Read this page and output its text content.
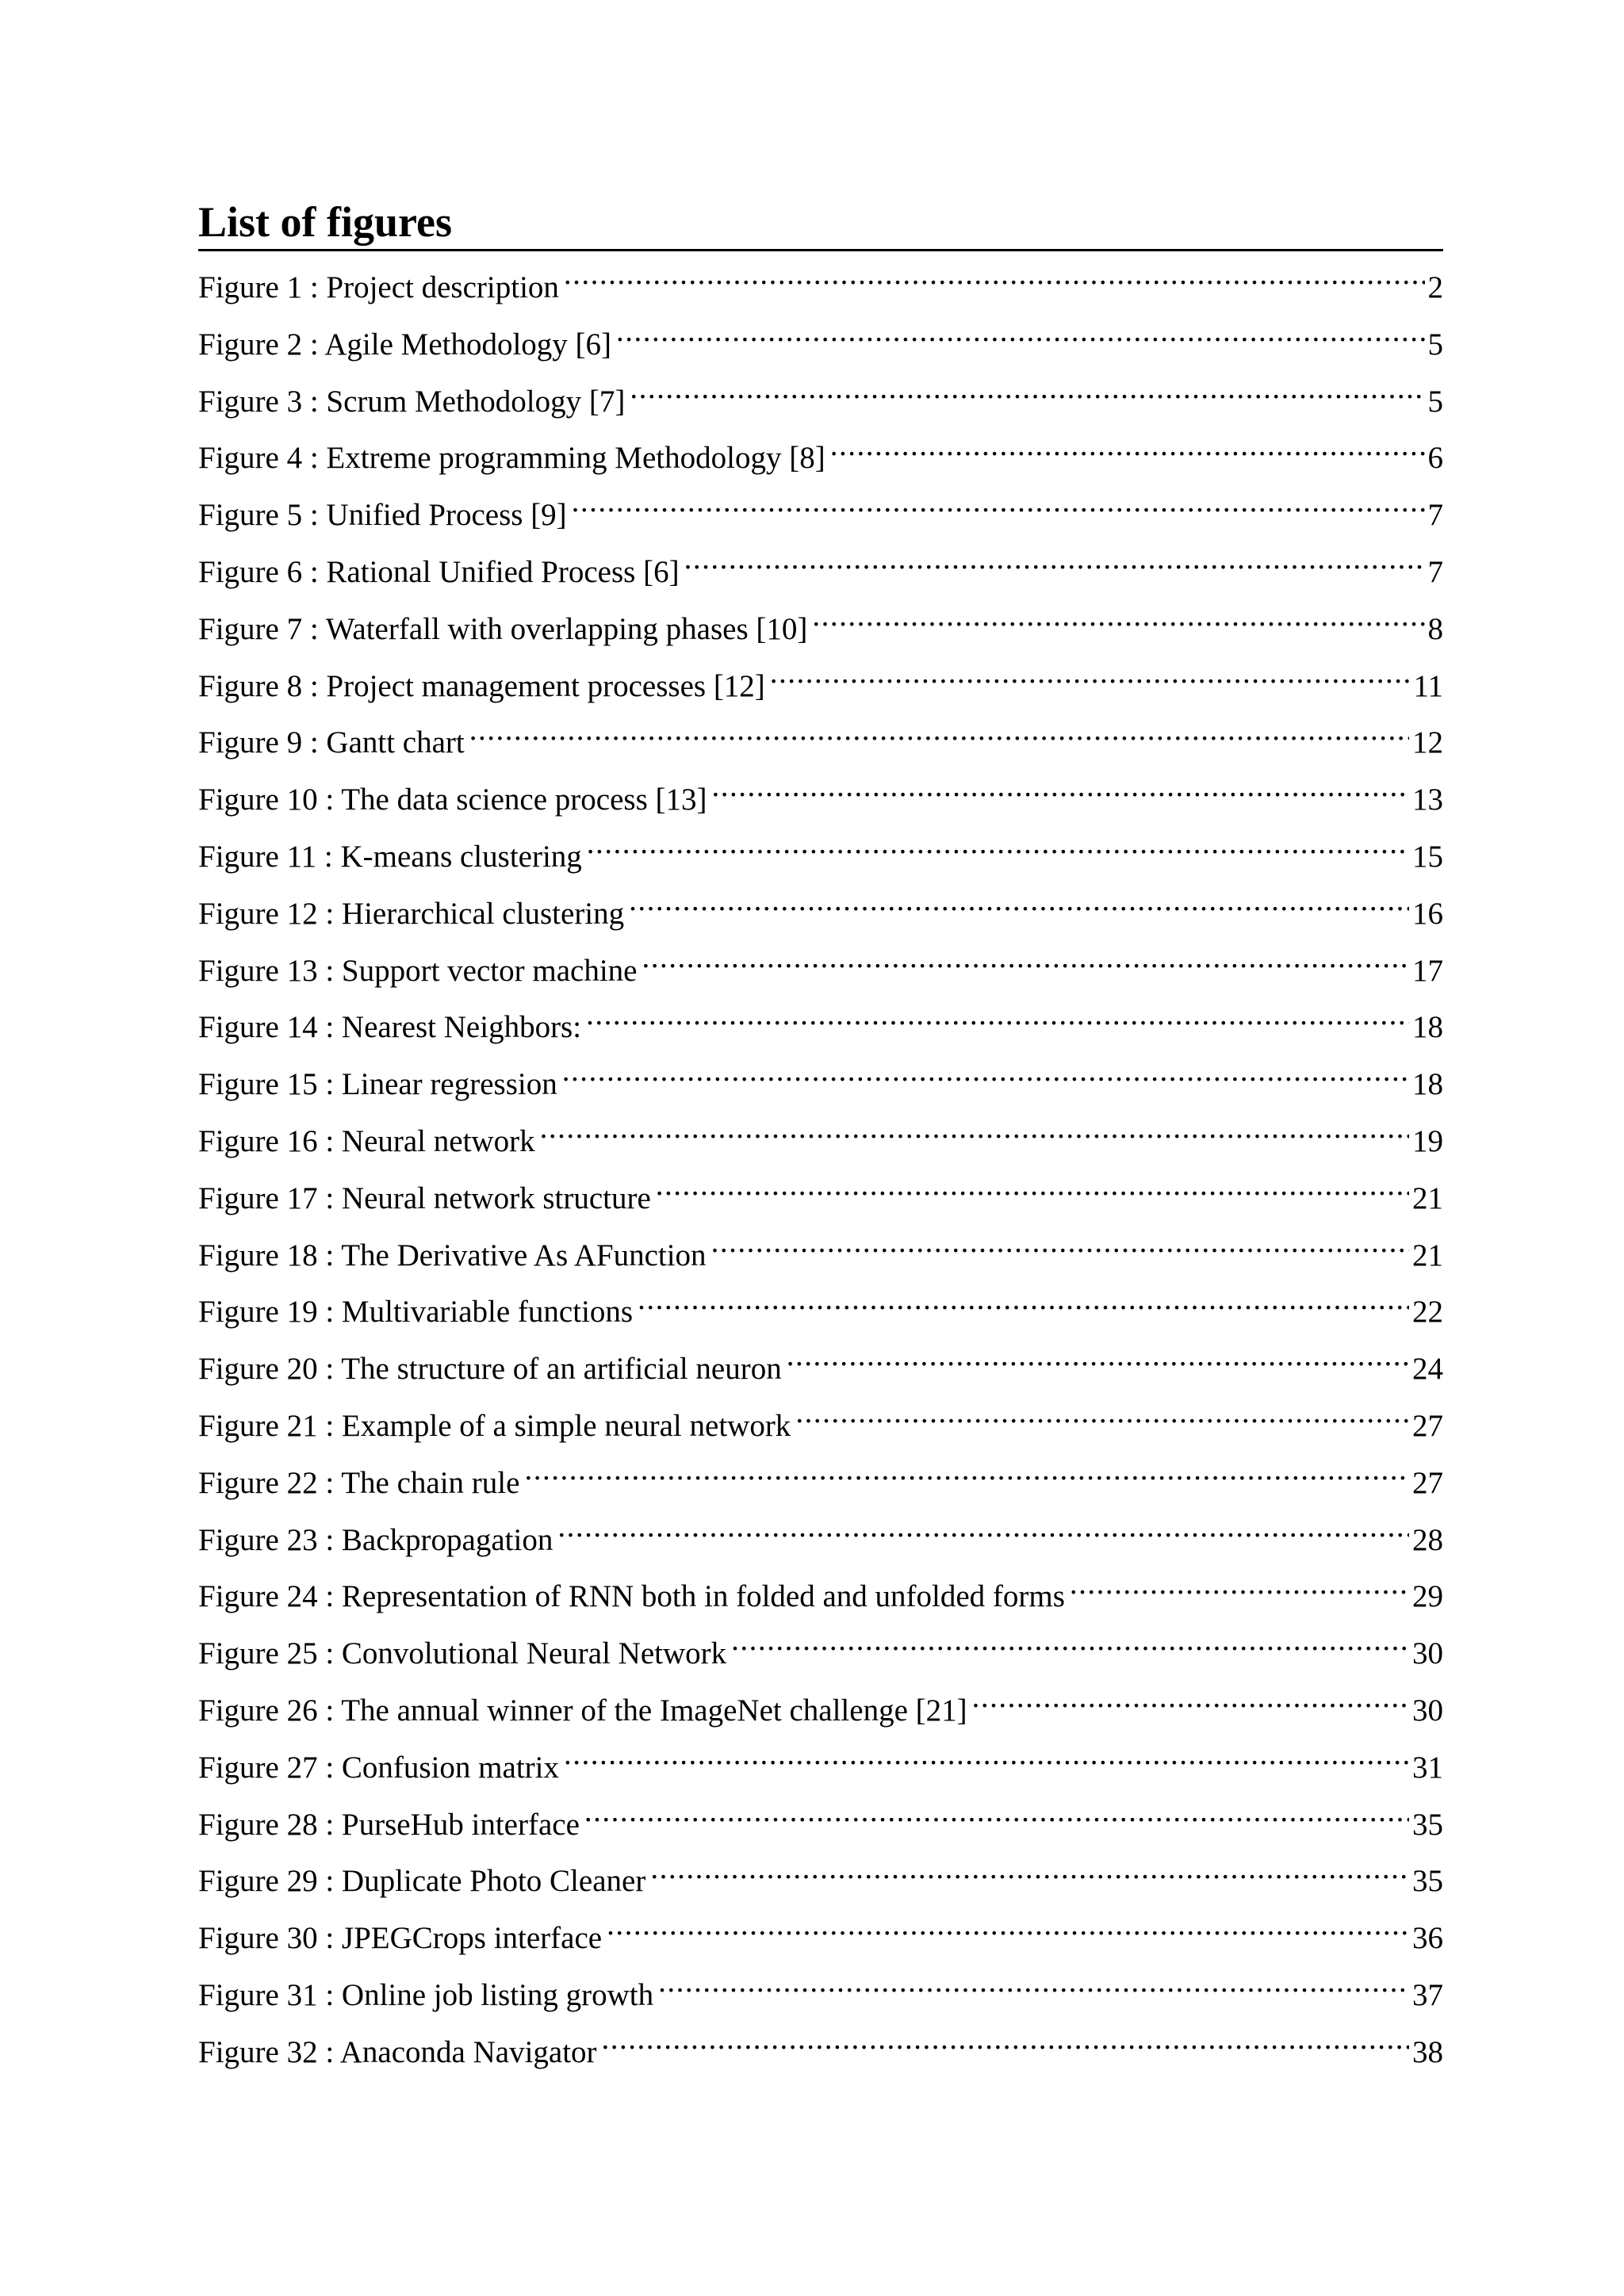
List of figures
Figure 1 : Project description .....	2
Figure 2 : Agile Methodology [6] .....	5
Figure 3 : Scrum Methodology [7] .....	5
Figure 4 : Extreme programming Methodology [8] .....	6
Figure 5 : Unified Process [9] .....	7
Figure 6 : Rational Unified Process [6] .....	7
Figure 7 : Waterfall with overlapping phases [10] .....	8
Figure 8 : Project management processes [12] .....	11
Figure 9 : Gantt chart .....	12
Figure 10 : The data science process [13] .....	13
Figure 11 : K-means clustering .....	15
Figure 12 : Hierarchical clustering .....	16
Figure 13 : Support vector machine .....	17
Figure 14 : Nearest Neighbors: .....	18
Figure 15 : Linear regression .....	18
Figure 16 : Neural network .....	19
Figure 17 : Neural network structure .....	21
Figure 18 : The Derivative As AFunction .....	21
Figure 19 : Multivariable functions .....	22
Figure 20 : The structure of an artificial neuron .....	24
Figure 21 : Example of a simple neural network .....	27
Figure 22 : The chain rule .....	27
Figure 23 : Backpropagation .....	28
Figure 24 : Representation of RNN both in folded and unfolded forms .....	29
Figure 25 : Convolutional Neural Network .....	30
Figure 26 : The annual winner of the ImageNet challenge [21] .....	30
Figure 27 : Confusion matrix .....	31
Figure 28 : PurseHub interface .....	35
Figure 29 : Duplicate Photo Cleaner .....	35
Figure 30 : JPEGCrops interface .....	36
Figure 31 : Online job listing growth .....	37
Figure 32 : Anaconda Navigator .....	38
